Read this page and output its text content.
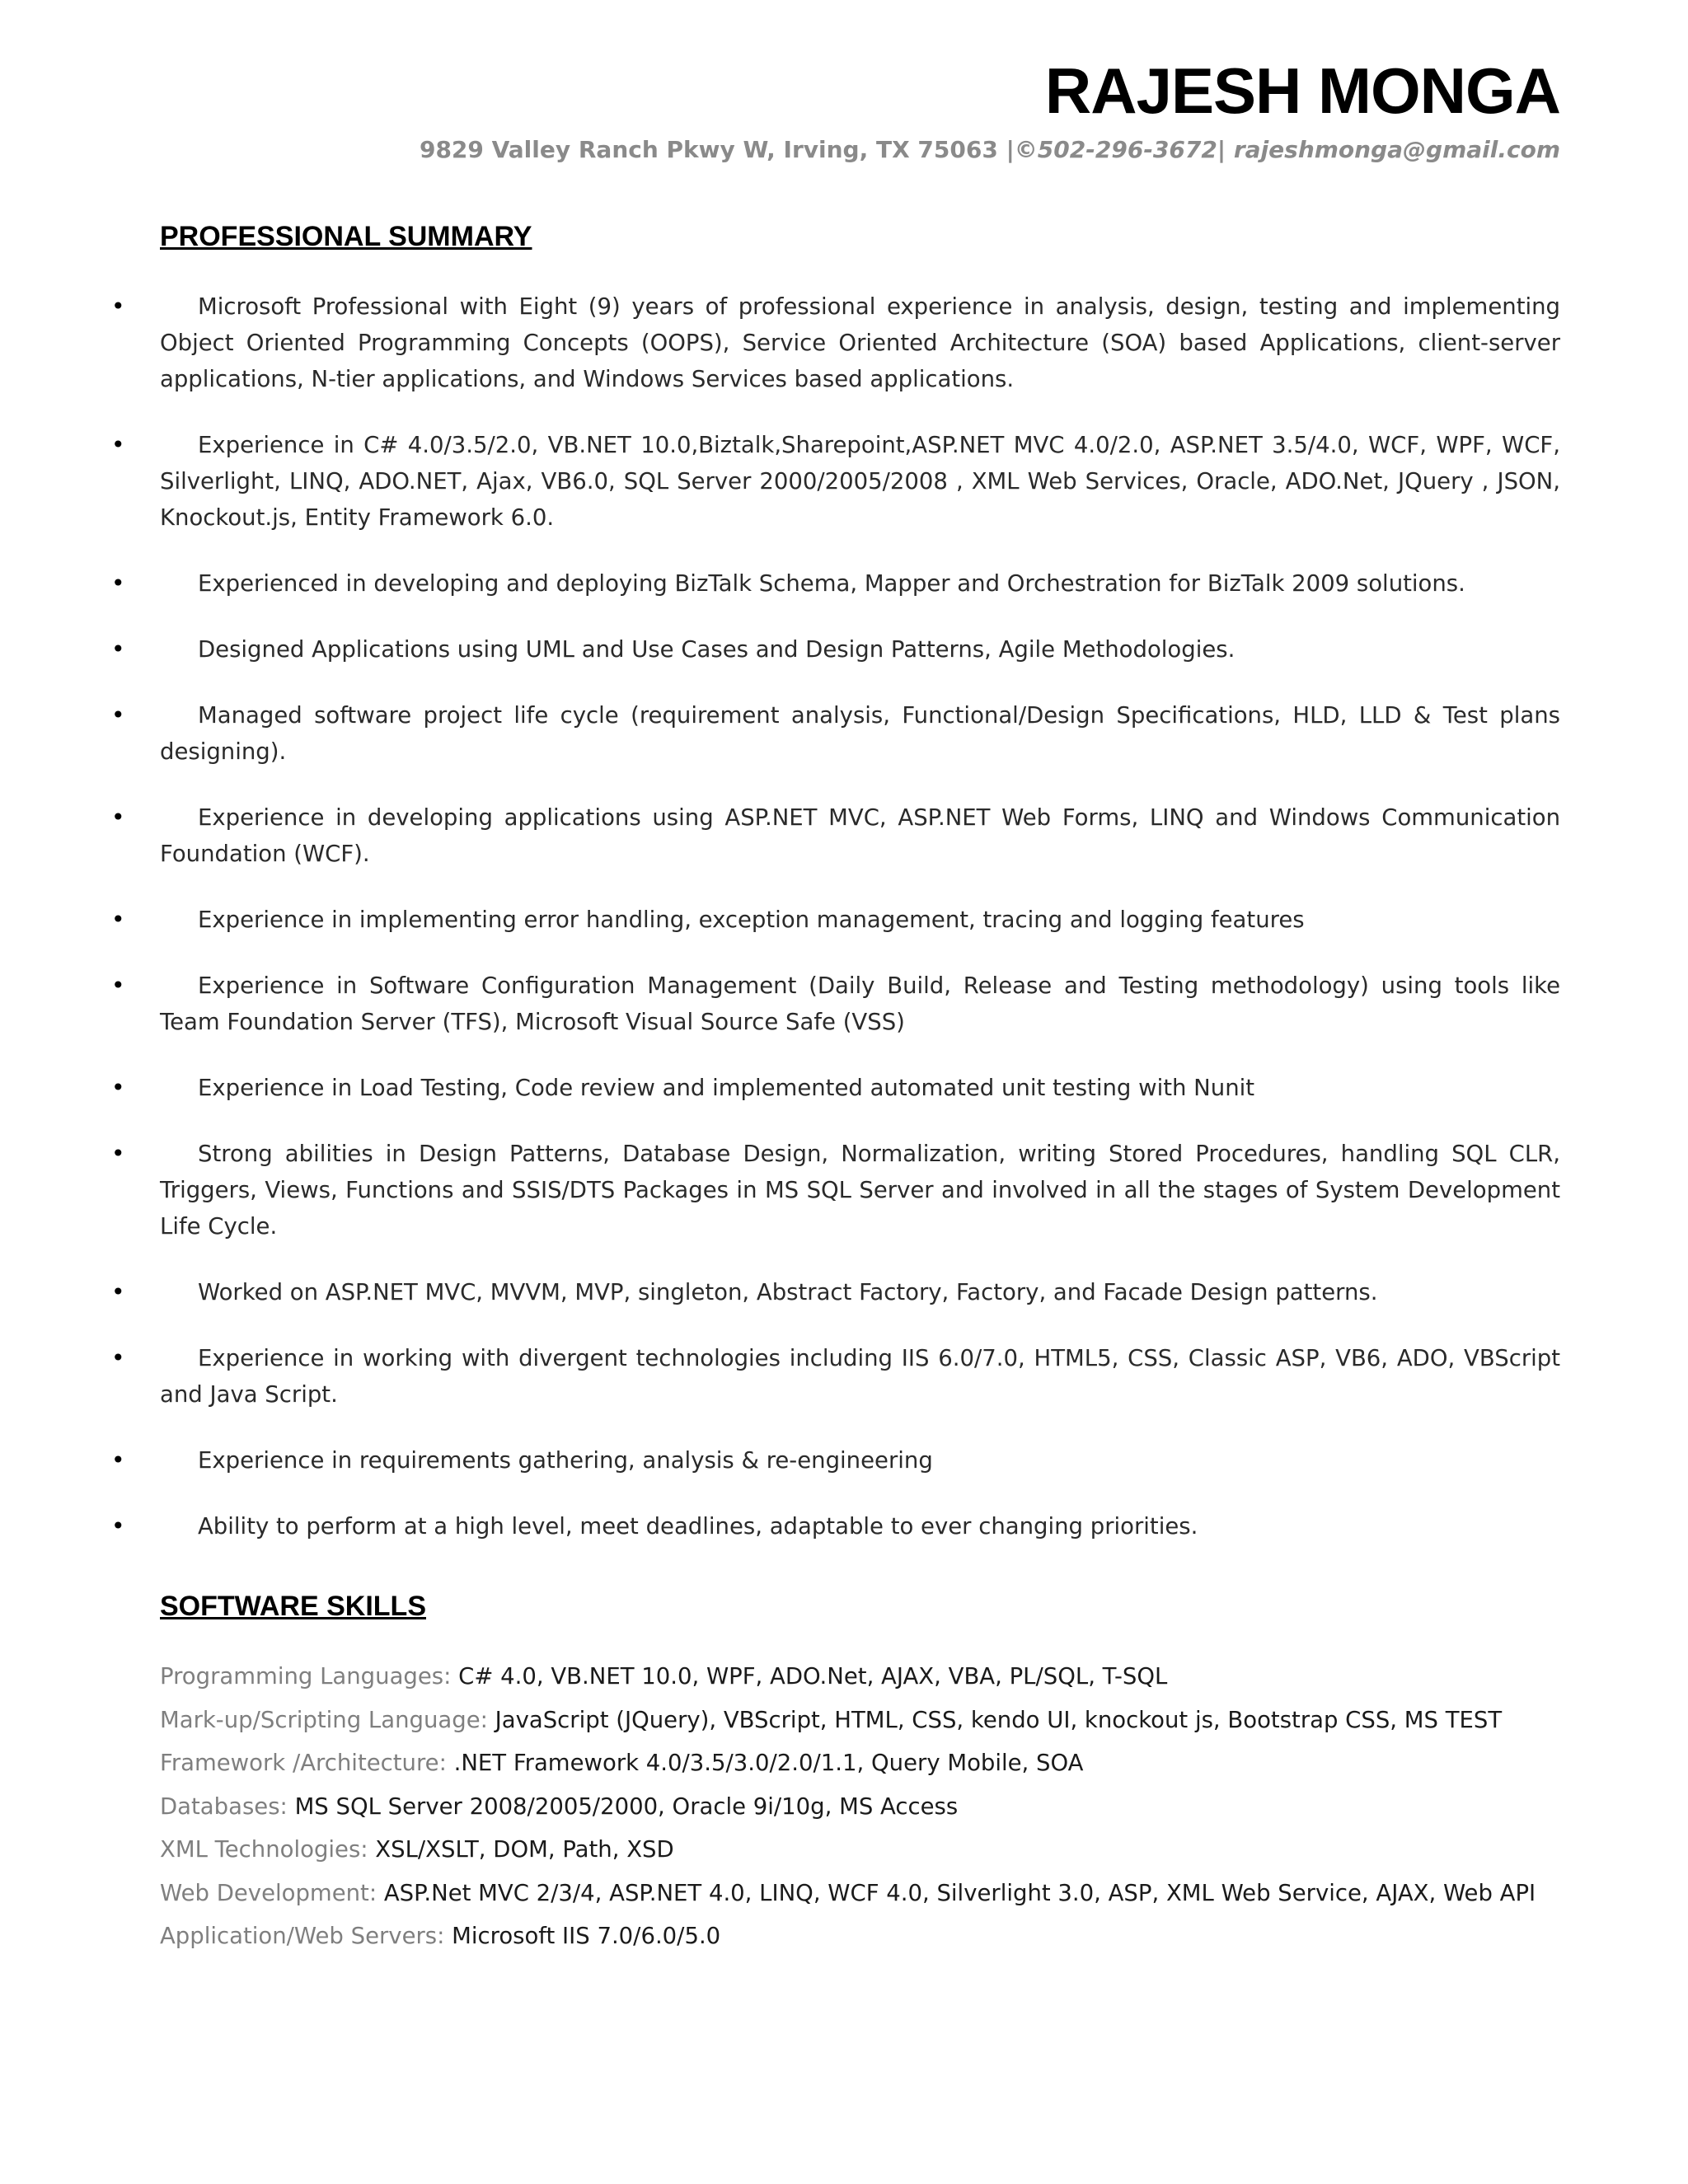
RAJESH MONGA
9829 Valley Ranch Pkwy W, Irving, TX 75063 |©502-296-3672| rajeshmonga@gmail.com
PROFESSIONAL SUMMARY
•	Microsoft Professional with Eight (9) years of professional experience in analysis, design, testing and implementing Object Oriented Programming Concepts (OOPS), Service Oriented Architecture (SOA) based Applications, client-server applications, N-tier applications, and Windows Services based applications.
•	Experience in C# 4.0/3.5/2.0, VB.NET 10.0,Biztalk,Sharepoint,ASP.NET MVC 4.0/2.0, ASP.NET 3.5/4.0, WCF, WPF, WCF, Silverlight, LINQ, ADO.NET, Ajax, VB6.0, SQL Server 2000/2005/2008 , XML Web Services, Oracle, ADO.Net, JQuery , JSON, Knockout.js, Entity Framework 6.0.
•	Experienced in developing and deploying BizTalk Schema, Mapper and Orchestration for BizTalk 2009 solutions.
•	Designed Applications using UML and Use Cases and Design Patterns, Agile Methodologies.
•	Managed software project life cycle (requirement analysis, Functional/Design Specifications, HLD, LLD & Test plans designing).
•	Experience in developing applications using ASP.NET MVC, ASP.NET Web Forms, LINQ and Windows Communication Foundation (WCF).
•	Experience in implementing error handling, exception management, tracing and logging features
•	Experience in Software Configuration Management (Daily Build, Release and Testing methodology) using tools like Team Foundation Server (TFS), Microsoft Visual Source Safe (VSS)
•	Experience in Load Testing, Code review and implemented automated unit testing with Nunit
•	Strong abilities in Design Patterns, Database Design, Normalization, writing Stored Procedures, handling SQL CLR, Triggers, Views, Functions and SSIS/DTS Packages in MS SQL Server and involved in all the stages of System Development Life Cycle.
•	Worked on ASP.NET MVC, MVVM, MVP, singleton, Abstract Factory, Factory, and Facade Design patterns.
•	Experience in working with divergent technologies including IIS 6.0/7.0, HTML5, CSS, Classic ASP, VB6, ADO, VBScript and Java Script.
•	Experience in requirements gathering, analysis & re-engineering
•	Ability to perform at a high level, meet deadlines, adaptable to ever changing priorities.
SOFTWARE SKILLS
Programming Languages: C# 4.0, VB.NET 10.0, WPF, ADO.Net, AJAX, VBA, PL/SQL, T-SQL
Mark-up/Scripting Language: JavaScript (JQuery), VBScript, HTML, CSS, kendo UI, knockout js, Bootstrap CSS, MS TEST
Framework /Architecture: .NET Framework 4.0/3.5/3.0/2.0/1.1, Query Mobile, SOA
Databases: MS SQL Server 2008/2005/2000, Oracle 9i/10g, MS Access
XML Technologies: XSL/XSLT, DOM, Path, XSD
Web Development: ASP.Net MVC 2/3/4, ASP.NET 4.0, LINQ, WCF 4.0, Silverlight 3.0, ASP, XML Web Service, AJAX, Web API
Application/Web Servers: Microsoft IIS 7.0/6.0/5.0
